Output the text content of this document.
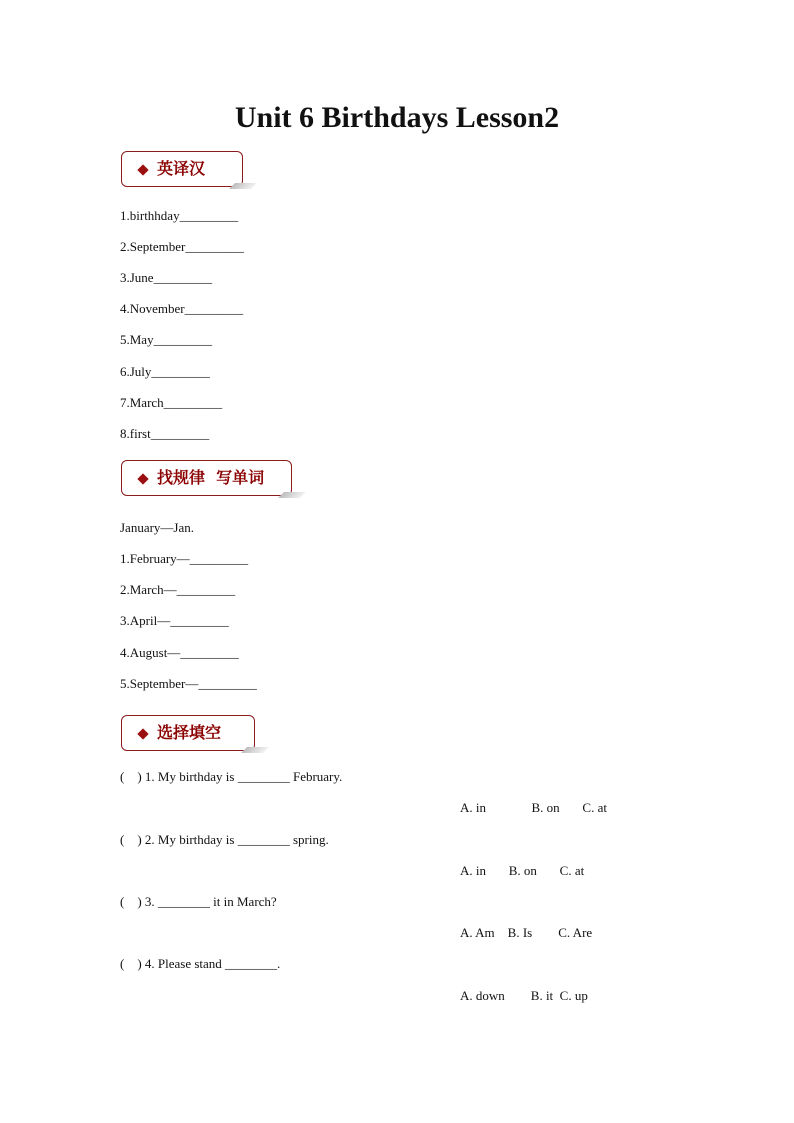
Unit 6 Birthdays Lesson2
英译汉
1.birthhday_________
2.September_________
3.June_________
4.November_________
5.May_________
6.July_________
7.March_________
8.first_________
找规律  写单词
January—Jan.
1.February—_________
2.March—_________
3.April—_________
4.August—_________
5.September—_________
选择填空
(    ) 1. My birthday is ________ February.
A. in              B. on       C. at
(    ) 2. My birthday is ________ spring.
A. in       B. on       C. at
(    ) 3. ________ it in March?
A. Am    B. Is        C. Are
(    ) 4. Please stand ________.
A. down        B. it  C. up
